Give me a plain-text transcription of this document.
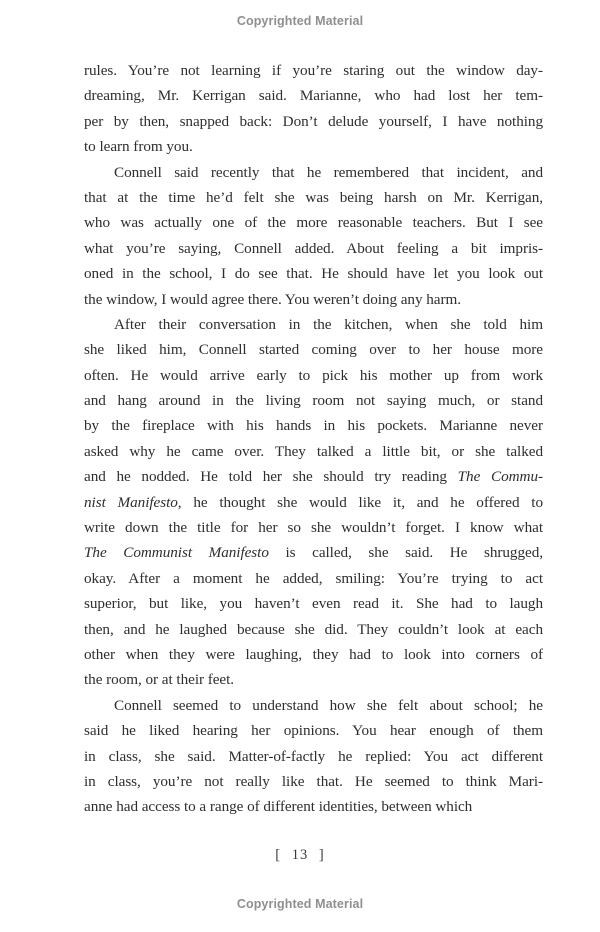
Copyrighted Material
rules. You’re not learning if you’re staring out the window day-
dreaming, Mr. Kerrigan said. Marianne, who had lost her tem-
per by then, snapped back: Don’t delude yourself, I have nothing
to learn from you.
Connell said recently that he remembered that incident, and
that at the time he’d felt she was being harsh on Mr. Kerrigan,
who was actually one of the more reasonable teachers. But I see
what you’re saying, Connell added. About feeling a bit impris-
oned in the school, I do see that. He should have let you look out
the window, I would agree there. You weren’t doing any harm.
After their conversation in the kitchen, when she told him
she liked him, Connell started coming over to her house more
often. He would arrive early to pick his mother up from work
and hang around in the living room not saying much, or stand
by the fireplace with his hands in his pockets. Marianne never
asked why he came over. They talked a little bit, or she talked
and he nodded. He told her she should try reading The Commu-
nist Manifesto, he thought she would like it, and he offered to
write down the title for her so she wouldn’t forget. I know what
The Communist Manifesto is called, she said. He shrugged,
okay. After a moment he added, smiling: You’re trying to act
superior, but like, you haven’t even read it. She had to laugh
then, and he laughed because she did. They couldn’t look at each
other when they were laughing, they had to look into corners of
the room, or at their feet.
Connell seemed to understand how she felt about school; he
said he liked hearing her opinions. You hear enough of them
in class, she said. Matter-of-factly he replied: You act different
in class, you’re not really like that. He seemed to think Mari-
anne had access to a range of different identities, between which
[ 13 ]
Copyrighted Material
